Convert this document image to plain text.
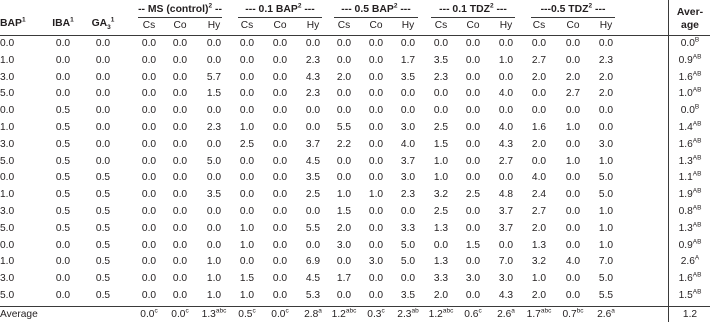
BAP$^1$	IBA$^1$ $GA_3^1$
-- MS (control)$^2$ -- --- 0.1 BAP$^2$ ---	--- 0.5 BAP$^2$ ---	--- 0.1 TDZ$^2$ ---	---0.5 TDZ$^2$ ---	Aver-
age
Cs Co Hy Cs Co Hy Cs Co Hy Cs Co Hy Cs Co Hy
0.0	0.0	0.0	0.0 0.0 0.0 0.0 0.0 0.0 0.0 0.0 0.0 0.0 0.0 0.0 0.0 0.0 0.0	$0.0^B$
1.0	0.0	0.0	0.0 0.0 0.0 0.0 0.0 2.3 0.0 0.0 1.7 3.5 0.0 1.0 2.7 0.0 2.3	$0.9^{AB}$
3.0	0.0	0.0	0.0 0.0 5.7 0.0 0.0 4.3 2.0 0.0 3.5 2.3 0.0 0.0 2.0 2.0 2.0	$1.6^{AB}$
5.0	0.0	0.0	0.0 0.0 1.5 0.0 0.0 2.3 0.0 0.0 0.0 0.0 0.0 4.0 0.0 2.7 2.0	$1.0^{AB}$
0.0	0.5	0.0	0.0 0.0 0.0 0.0 0.0 0.0 0.0 0.0 0.0 0.0 0.0 0.0 0.0 0.0 0.0	$0.0^B$
1.0	0.5	0.0	0.0 0.0 2.3 1.0 0.0 0.0 5.5 0.0 3.0 2.5 0.0 4.0 1.6 1.0 0.0	$1.4^{AB}$
3.0	0.5	0.0	0.0 0.0 0.0 2.5 0.0 3.7 2.2 0.0 4.0 1.5 0.0 4.3 2.0 0.0 3.0	$1.6^{AB}$
5.0	0.5	0.0	0.0 0.0 5.0 0.0 0.0 4.5 0.0 0.0 3.7 1.0 0.0 2.7 0.0 1.0 1.0	$1.3^{AB}$
0.0	0.5	0.5	0.0 0.0 0.0 0.0 0.0 3.5 0.0 0.0 3.0 1.0 0.0 0.0 4.0 0.0 5.0	$1.1^{AB}$
1.0	0.5	0.5	0.0 0.0 3.5 0.0 0.0 2.5 1.0 1.0 2.3 3.2 2.5 4.8 2.4 0.0 5.0	$1.9^{AB}$
3.0	0.5	0.5	0.0 0.0 0.0 0.0 0.0 0.0 1.5 0.0 0.0 2.5 0.0 3.7 2.7 0.0 1.0	$0.8^{AB}$
5.0	0.5	0.5	0.0 0.0 0.0 1.0 0.0 5.5 2.0 0.0 3.3 1.3 0.0 3.7 2.0 0.0 1.0	$1.3^{AB}$
0.0	0.0	0.5	0.0 0.0 0.0 1.0 0.0 0.0 3.0 0.0 5.0 0.0 1.5 0.0 1.3 0.0 1.0	$0.9^{AB}$
1.0	0.0	0.5	0.0 0.0 1.0 0.0 0.0 6.9 0.0 3.0 5.0 1.3 0.0 7.0 3.2 4.0 7.0	$2.6^A$
3.0	0.0	0.5	0.0 0.0 1.0 1.5 0.0 4.5 1.7 0.0 0.0 3.3 3.0 3.0 1.0 0.0 5.0	$1.6^{AB}$
5.0	0.0	0.5	0.0 0.0 1.0 1.0 0.0 5.3 0.0 0.0 3.5 2.0 0.0 4.3 2.0 0.0 5.5	$1.5^{AB}$
Average	0.0$^c$ 0.0$^c$ 1.3$^{abc}$ 0.5$^c$ 0.0$^c$ 2.8$^a$ 1.2$^{abc}$ 0.3$^c$ 2.3$^{ab}$ 1.2$^{abc}$ 0.6$^c$ 2.6$^a$ 1.7$^{abc}$ 0.7$^{bc}$ 2.6$^a$	1.2
